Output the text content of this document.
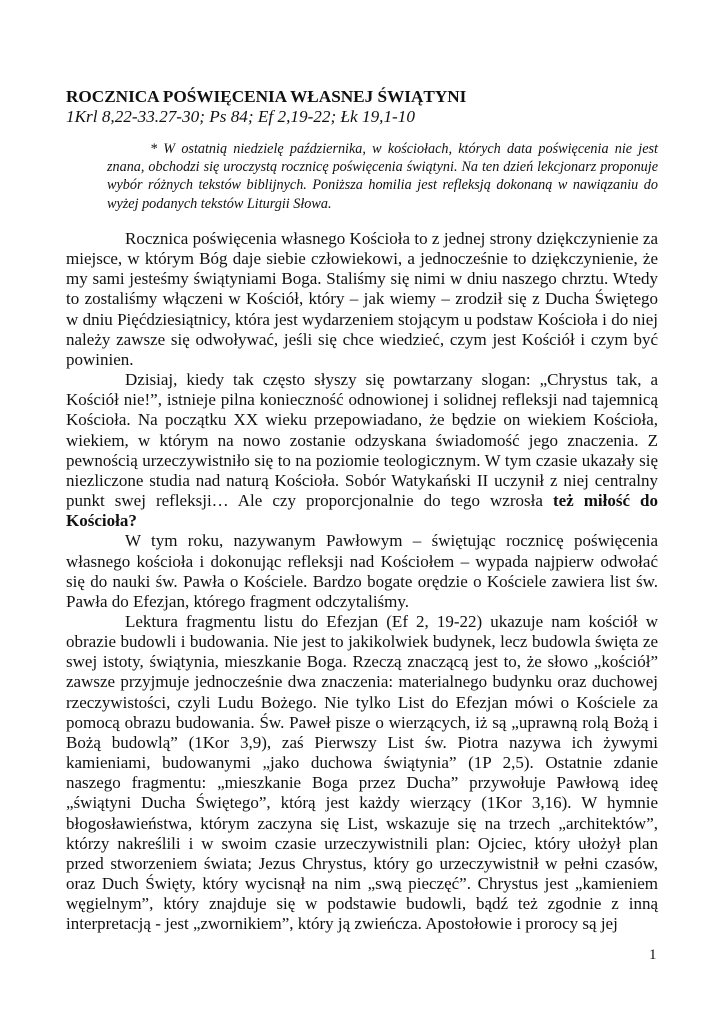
ROCZNICA POŚWIĘCENIA WŁASNEJ ŚWIĄTYNI
1Krl 8,22-33.27-30; Ps 84; Ef 2,19-22; Łk 19,1-10

* W ostatnią niedzielę października, w kościołach, których data poświęcenia nie jest znana, obchodzi się uroczystą rocznicę poświęcenia świątyni. Na ten dzień lekcjonarz proponuje wybór różnych tekstów biblijnych. Poniższa homilia jest refleksją dokonaną w nawiązaniu do wyżej podanych tekstów Liturgii Słowa.

Rocznica poświęcenia własnego Kościoła to z jednej strony dziękczynienie za miejsce, w którym Bóg daje siebie człowiekowi, a jednocześnie to dziękczynienie, że my sami jesteśmy świątyniami Boga. Staliśmy się nimi w dniu naszego chrztu. Wtedy to zostaliśmy włączeni w Kościół, który – jak wiemy – zrodził się z Ducha Świętego w dniu Pięćdziesiątnicy, która jest wydarzeniem stojącym u podstaw Kościoła i do niej należy zawsze się odwoływać, jeśli się chce wiedzieć, czym jest Kościół i czym być powinien.

Dzisiaj, kiedy tak często słyszy się powtarzany slogan: „Chrystus tak, a Kościół nie!”, istnieje pilna konieczność odnowionej i solidnej refleksji nad tajemnicą Kościoła. Na początku XX wieku przepowiadano, że będzie on wiekiem Kościoła, wiekiem, w którym na nowo zostanie odzyskana świadomość jego znaczenia. Z pewnością urzeczywistniło się to na poziomie teologicznym. W tym czasie ukazały się niezliczone studia nad naturą Kościoła. Sobór Watykański II uczynił z niej centralny punkt swej refleksji… Ale czy proporcjonalnie do tego wzrosła też miłość do Kościoła?

W tym roku, nazywanym Pawłowym – świętując rocznicę poświęcenia własnego kościoła i dokonując refleksji nad Kościołem – wypada najpierw odwołać się do nauki św. Pawła o Kościele. Bardzo bogate orędzie o Kościele zawiera list św. Pawła do Efezjan, którego fragment odczytaliśmy.

Lektura fragmentu listu do Efezjan (Ef 2, 19-22) ukazuje nam kościół w obrazie budowli i budowania. Nie jest to jakikolwiek budynek, lecz budowla święta ze swej istoty, świątynia, mieszkanie Boga. Rzeczą znaczącą jest to, że słowo „kościół” zawsze przyjmuje jednocześnie dwa znaczenia: materialnego budynku oraz duchowej rzeczywistości, czyli Ludu Bożego. Nie tylko List do Efezjan mówi o Kościele za pomocą obrazu budowania. Św. Paweł pisze o wierzących, iż są „uprawną rolą Bożą i Bożą budowlą” (1Kor 3,9), zaś Pierwszy List św. Piotra nazywa ich żywymi kamieniami, budowanymi „jako duchowa świątynia” (1P 2,5). Ostatnie zdanie naszego fragmentu: „mieszkanie Boga przez Ducha” przywołuje Pawłową ideę „świątyni Ducha Świętego”, którą jest każdy wierzący (1Kor 3,16). W hymnie błogosławieństwa, którym zaczyna się List, wskazuje się na trzech „architektów”, którzy nakreślili i w swoim czasie urzeczywistnili plan: Ojciec, który ułożył plan przed stworzeniem świata; Jezus Chrystus, który go urzeczywistnił w pełni czasów, oraz Duch Święty, który wycisnął na nim „swą pieczęć”. Chrystus jest „kamieniem węgielnym”, który znajduje się w podstawie budowli, bądź też zgodnie z inną interpretacją - jest „zwornikiem”, który ją zwieńcza. Apostołowie i prorocy są jej

1
